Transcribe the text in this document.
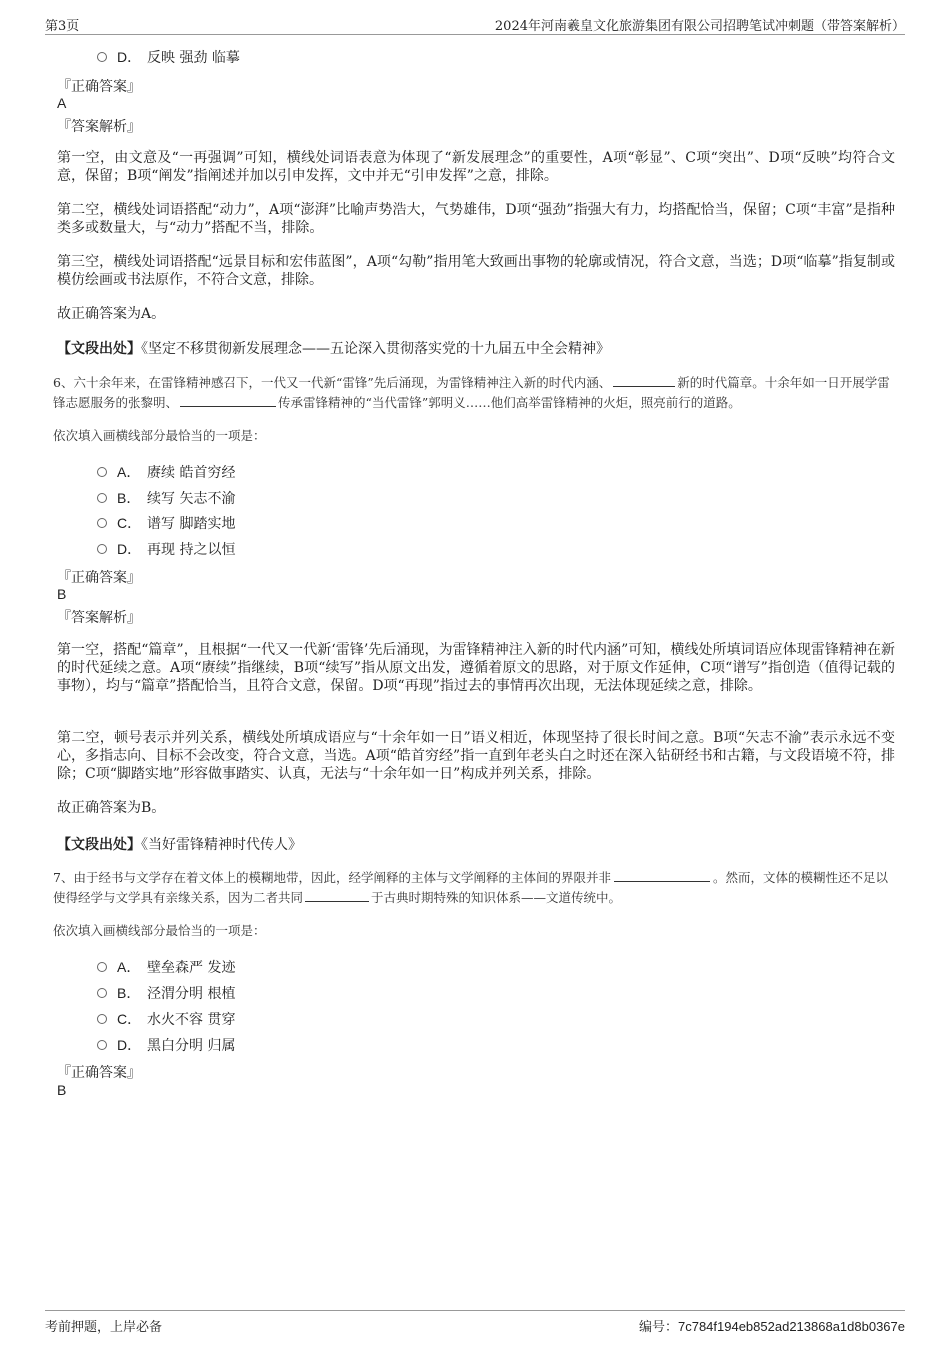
第3页	2024年河南羲皇文化旅游集团有限公司招聘笔试冲刺题（带答案解析）
D． 反映 强劲 临摹
『正确答案』
A
『答案解析』
第一空，由文意及“一再强调”可知，横线处词语表意为体现了“新发展理念”的重要性，A项“彰显”、C项“突出”、D项“反映”均符合文意，保留；B项“阐发”指阐述并加以引申发挥，文中并无“引申发挥”之意，排除。
第二空，横线处词语搭配“动力”，A项“澎湃”比喻声势浩大，气势雄伟，D项“强劲”指强大有力，均搭配恰当，保留；C项“丰富”是指种类多或数量大，与“动力”搭配不当，排除。
第三空，横线处词语搭配“远景目标和宏伟蓝图”，A项“勾勒”指用笔大致画出事物的轮廓或情况，符合文意，当选；D项“临摹”指复制或模仿绘画或书法原作，不符合文意，排除。
故正确答案为A。
【文段出处】《坚定不移贯彻新发展理念——五论深入贯彻落实党的十九届五中全会精神》
6、六十余年来，在雷锋精神感召下，一代又一代新“雷锋”先后涌现，为雷锋精神注入新的时代内涵、	新的时代篇章。十余年如一日开展学雷锋志愿服务的张黎明、	传承雷锋精神的“当代雷锋”郭明义……他们高举雷锋精神的火炬，照亮前行的道路。
依次填入画横线部分最恰当的一项是：
A． 赓续 皓首穷经
B． 续写 矢志不渝
C． 谱写 脚踏实地
D． 再现 持之以恒
『正确答案』
B
『答案解析』
第一空，搭配“篇章”，且根据“一代又一代新‘雷锋’先后涌现，为雷锋精神注入新的时代内涵”可知，横线处所填词语应体现雷锋精神在新的时代延续之意。A项“赓续”指继续，B项“续写”指从原文出发，遵循着原文的思路，对于原文作延伸，C项“谱写”指创造（值得记载的事物），均与“篇章”搭配恰当，且符合文意，保留。D项“再现”指过去的事情再次出现，无法体现延续之意，排除。
第二空，顿号表示并列关系，横线处所填成语应与“十余年如一日”语义相近，体现坚持了很长时间之意。B项“矢志不渝”表示永远不变心，多指志向、目标不会改变，符合文意，当选。A项“皓首穷经”指一直到年老头白之时还在深入钻研经书和古籍，与文段语境不符，排除；C项“脚踏实地”形容做事踏实、认真，无法与“十余年如一日”构成并列关系，排除。
故正确答案为B。
【文段出处】《当好雷锋精神时代传人》
7、由于经书与文学存在着文体上的模糊地带，因此，经学阐释的主体与文学阐释的主体间的界限并非	。然而，文体的模糊性还不足以使得经学与文学具有亲缘关系，因为二者共同	于古典时期特殊的知识体系——文道传统中。
依次填入画横线部分最恰当的一项是：
A． 壁垒森严 发迹
B． 泾渭分明 根植
C． 水火不容 贯穿
D． 黑白分明 归属
『正确答案』
B
考前押题，上岸必备	编号：7c784f194eb852ad213868a1d8b0367e
